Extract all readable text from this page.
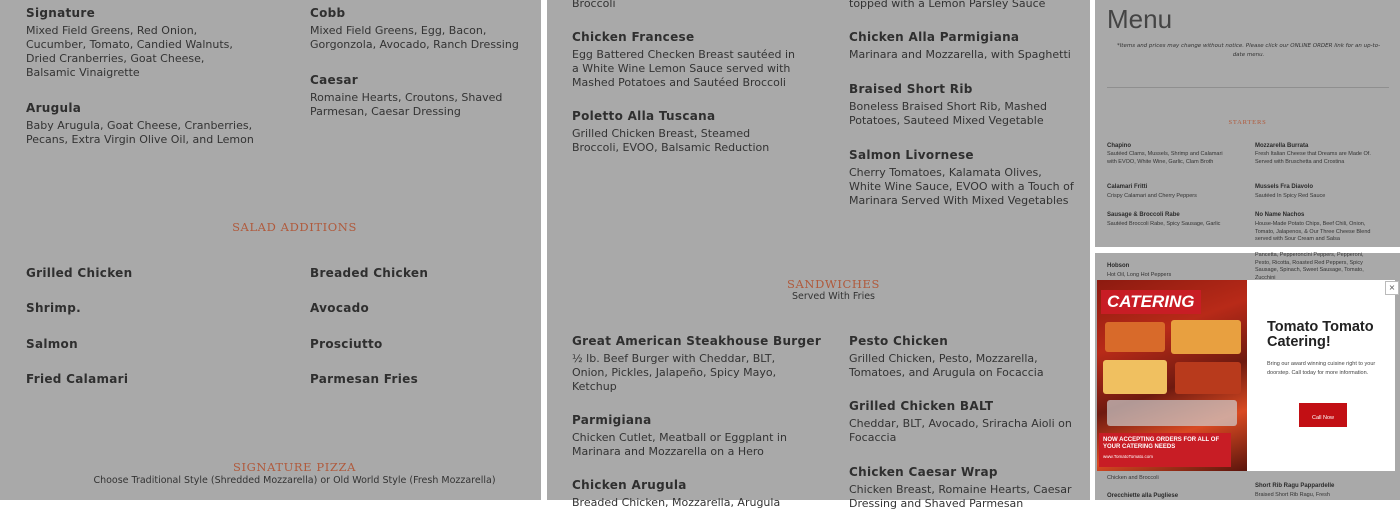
Signature
Mixed Field Greens, Red Onion, Cucumber, Tomato, Candied Walnuts, Dried Cranberries, Goat Cheese, Balsamic Vinaigrette
Cobb
Mixed Field Greens, Egg, Bacon, Gorgonzola, Avocado, Ranch Dressing
Arugula
Baby Arugula, Goat Cheese, Cranberries, Pecans, Extra Virgin Olive Oil, and Lemon
Caesar
Romaine Hearts, Croutons, Shaved Parmesan, Caesar Dressing
SALAD ADDITIONS
Grilled Chicken	Breaded Chicken
Shrimp.	Avocado
Salmon	Prosciutto
Fried Calamari	Parmesan Fries
SIGNATURE PIZZA
Choose Traditional Style (Shredded Mozzarella) or Old World Style (Fresh Mozzarella)
Broccoli	topped with a Lemon Parsley Sauce
Chicken Francese
Egg Battered Checken Breast sautéed in a White Wine Lemon Sauce served with Mashed Potatoes and Sautéed Broccoli
Chicken Alla Parmigiana
Marinara and Mozzarella, with Spaghetti
Poletto Alla Tuscana
Grilled Chicken Breast, Steamed Broccoli, EVOO, Balsamic Reduction
Braised Short Rib
Boneless Braised Short Rib, Mashed Potatoes, Sauteed Mixed Vegetable
Salmon Livornese
Cherry Tomatoes, Kalamata Olives, White Wine Sauce, EVOO with a Touch of Marinara Served With Mixed Vegetables
SANDWICHES
Served With Fries
Great American Steakhouse Burger
½ lb. Beef Burger with Cheddar, BLT, Onion, Pickles, Jalapeño, Spicy Mayo, Ketchup
Pesto Chicken
Grilled Chicken, Pesto, Mozzarella, Tomatoes, and Arugula on Focaccia
Parmigiana
Chicken Cutlet, Meatball or Eggplant in Marinara and Mozzarella on a Hero
Grilled Chicken BALT
Cheddar, BLT, Avocado, Sriracha Aioli on Focaccia
Chicken Arugula
Breaded Chicken, Mozzarella, Arugula
Chicken Caesar Wrap
Chicken Breast, Romaine Hearts, Caesar Dressing and Shaved Parmesan
Menu
*Items and prices may change without notice. Please click our ONLINE ORDER link for an up-to-date menu.
STARTERS
Chapino
Sautéed Clams, Mussels, Shrimp and Calamari with EVOO, White Wine, Garlic, Clam Broth
Mozzarella Burrata
Fresh Italian Cheese that Dreams are Made Of. Served with Bruschetta and Crostina
Calamari Fritti
Crispy Calamari and Cherry Peppers
Mussels Fra Diavolo
Sautéed In Spicy Red Sauce
Sausage & Broccoli Rabe
Sautéed Broccoli Rabe, Spicy Sausage, Garlic
No Name Nachos
House-Made Potato Chips, Beef Chili, Onion, Tomato, Jalapenos, & Our Three Cheese Blend served with Sour Cream and Salsa
Hobson
Hot Oil, Long Hot Peppers
Pancetta, Pepperoncini Peppers, Pepperoni, Pesto, Ricotta, Roasted Red Peppers, Spicy Sausage, Spinach, Sweet Sausage, Tomato, Zucchini
Chicken and Broccoli
Orecchiette alla Pugliese
Short Rib Ragu Pappardelle
Braised Short Rib Ragu, Fresh
CATERING
NOW ACCEPTING ORDERS FOR ALL OF YOUR CATERING NEEDS
www.TomatoTomato.com
Tomato Tomato Catering!
Bring our award winning cuisine right to your doorstep. Call today for more information.
Call Now
×
